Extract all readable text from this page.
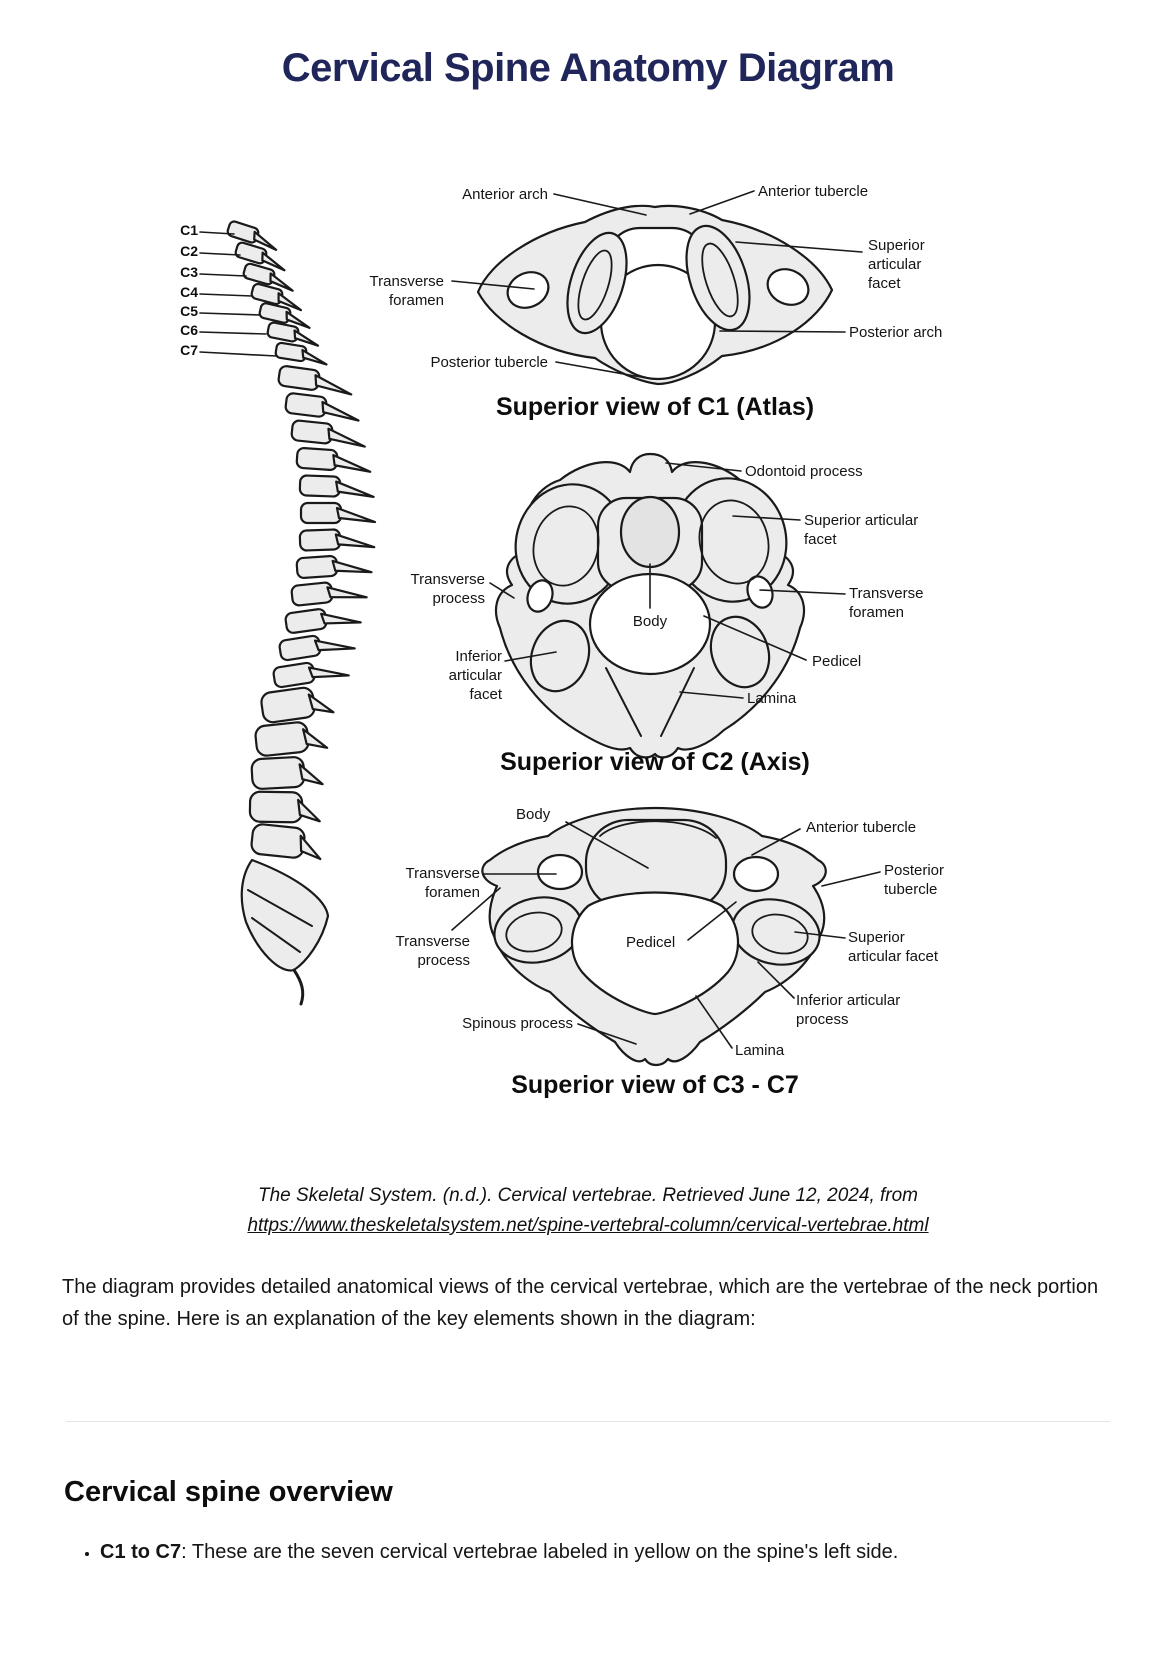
Cervical Spine Anatomy Diagram
C1
C2
C3
C4
C5
C6
C7
Anterior arch	Anterior tubercle
Superior articular facet
Transverse foramen
Posterior arch
Posterior tubercle
Superior view of C1 (Atlas)
Odontoid process
Superior articular facet
Transverse process	Transverse foramen
Body
Inferior articular facet
Pedicel
Lamina
Superior view of C2 (Axis)
Body
Anterior tubercle
Transverse foramen
Posterior tubercle
Transverse process
Pedicel	Superior articular facet
Inferior articular process
Spinous process
Lamina
Superior view of C3 - C7

The Skeletal System. (n.d.). Cervical vertebrae. Retrieved June 12, 2024, from
https://www.theskeletalsystem.net/spine-vertebral-column/cervical-vertebrae.html

The diagram provides detailed anatomical views of the cervical vertebrae, which are the vertebrae of the neck portion of the spine. Here is an explanation of the key elements shown in the diagram:

Cervical spine overview
• C1 to C7: These are the seven cervical vertebrae labeled in yellow on the spine's left side.
